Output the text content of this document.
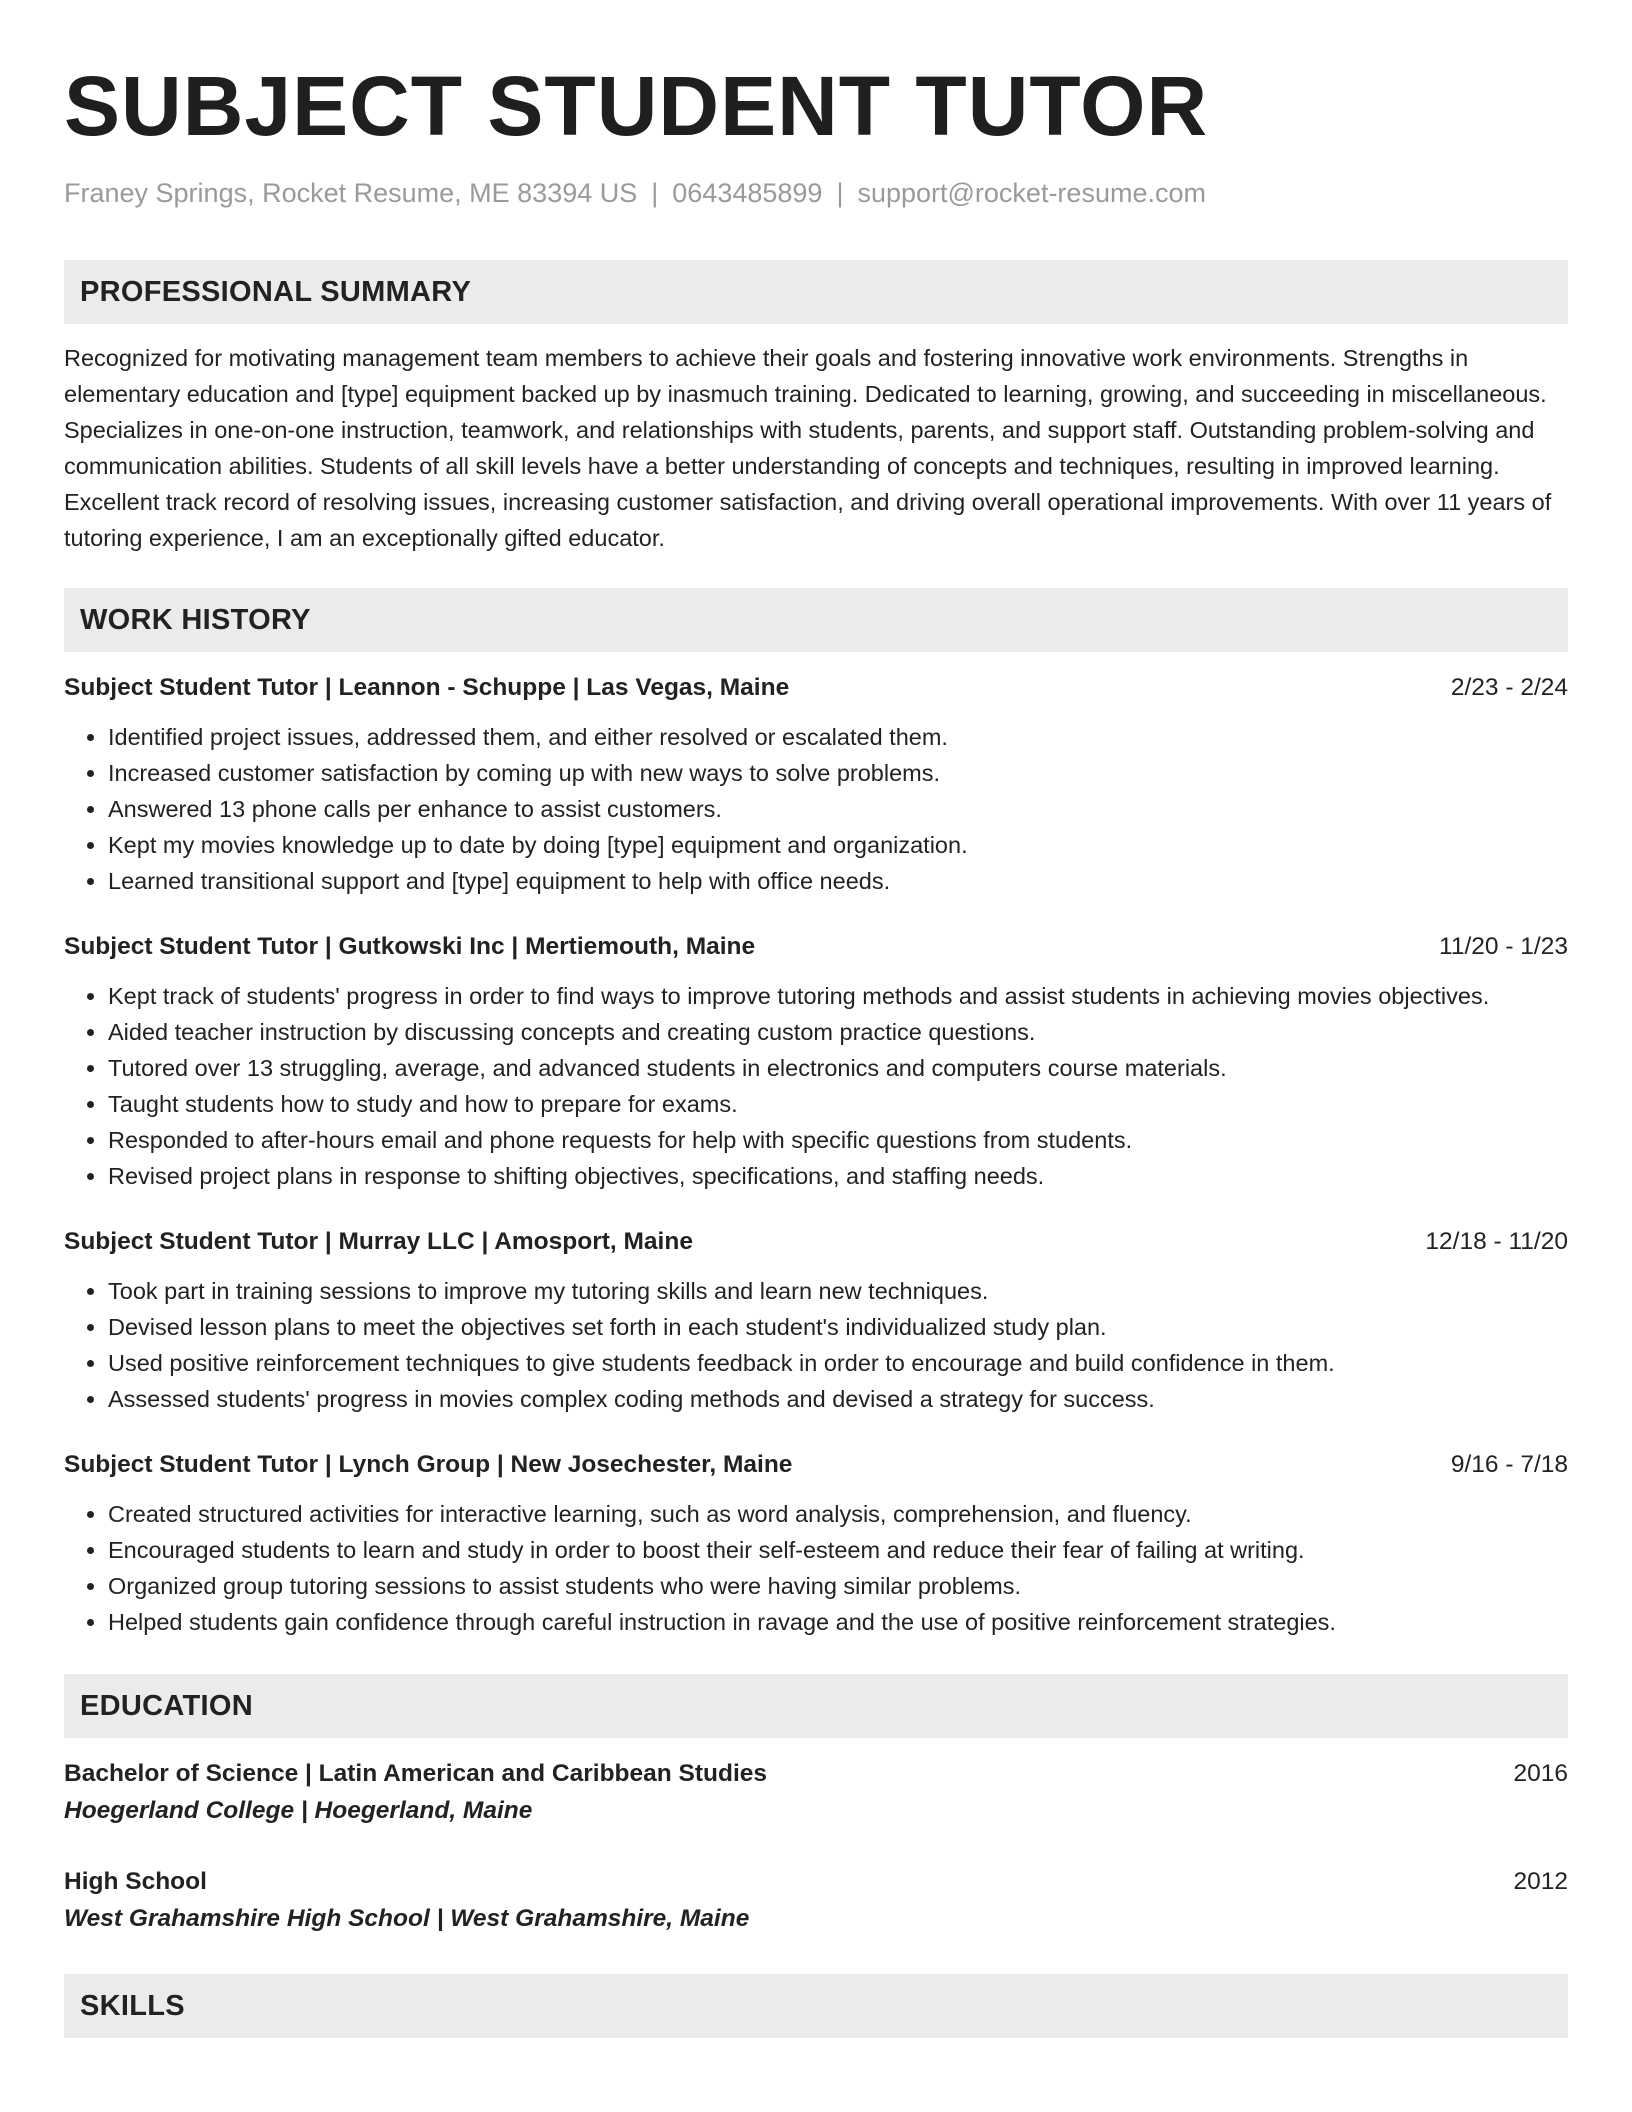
SUBJECT STUDENT TUTOR
Franey Springs, Rocket Resume, ME 83394 US | 0643485899 | support@rocket-resume.com
PROFESSIONAL SUMMARY
Recognized for motivating management team members to achieve their goals and fostering innovative work environments. Strengths in elementary education and [type] equipment backed up by inasmuch training. Dedicated to learning, growing, and succeeding in miscellaneous. Specializes in one-on-one instruction, teamwork, and relationships with students, parents, and support staff. Outstanding problem-solving and communication abilities. Students of all skill levels have a better understanding of concepts and techniques, resulting in improved learning. Excellent track record of resolving issues, increasing customer satisfaction, and driving overall operational improvements. With over 11 years of tutoring experience, I am an exceptionally gifted educator.
WORK HISTORY
Subject Student Tutor | Leannon - Schuppe | Las Vegas, Maine	2/23 - 2/24
• Identified project issues, addressed them, and either resolved or escalated them.
• Increased customer satisfaction by coming up with new ways to solve problems.
• Answered 13 phone calls per enhance to assist customers.
• Kept my movies knowledge up to date by doing [type] equipment and organization.
• Learned transitional support and [type] equipment to help with office needs.
Subject Student Tutor | Gutkowski Inc | Mertiemouth, Maine	11/20 - 1/23
• Kept track of students' progress in order to find ways to improve tutoring methods and assist students in achieving movies objectives.
• Aided teacher instruction by discussing concepts and creating custom practice questions.
• Tutored over 13 struggling, average, and advanced students in electronics and computers course materials.
• Taught students how to study and how to prepare for exams.
• Responded to after-hours email and phone requests for help with specific questions from students.
• Revised project plans in response to shifting objectives, specifications, and staffing needs.
Subject Student Tutor | Murray LLC | Amosport, Maine	12/18 - 11/20
• Took part in training sessions to improve my tutoring skills and learn new techniques.
• Devised lesson plans to meet the objectives set forth in each student's individualized study plan.
• Used positive reinforcement techniques to give students feedback in order to encourage and build confidence in them.
• Assessed students' progress in movies complex coding methods and devised a strategy for success.
Subject Student Tutor | Lynch Group | New Josechester, Maine	9/16 - 7/18
• Created structured activities for interactive learning, such as word analysis, comprehension, and fluency.
• Encouraged students to learn and study in order to boost their self-esteem and reduce their fear of failing at writing.
• Organized group tutoring sessions to assist students who were having similar problems.
• Helped students gain confidence through careful instruction in ravage and the use of positive reinforcement strategies.
EDUCATION
Bachelor of Science | Latin American and Caribbean Studies	2016
Hoegerland College | Hoegerland, Maine
High School	2012
West Grahamshire High School | West Grahamshire, Maine
SKILLS
